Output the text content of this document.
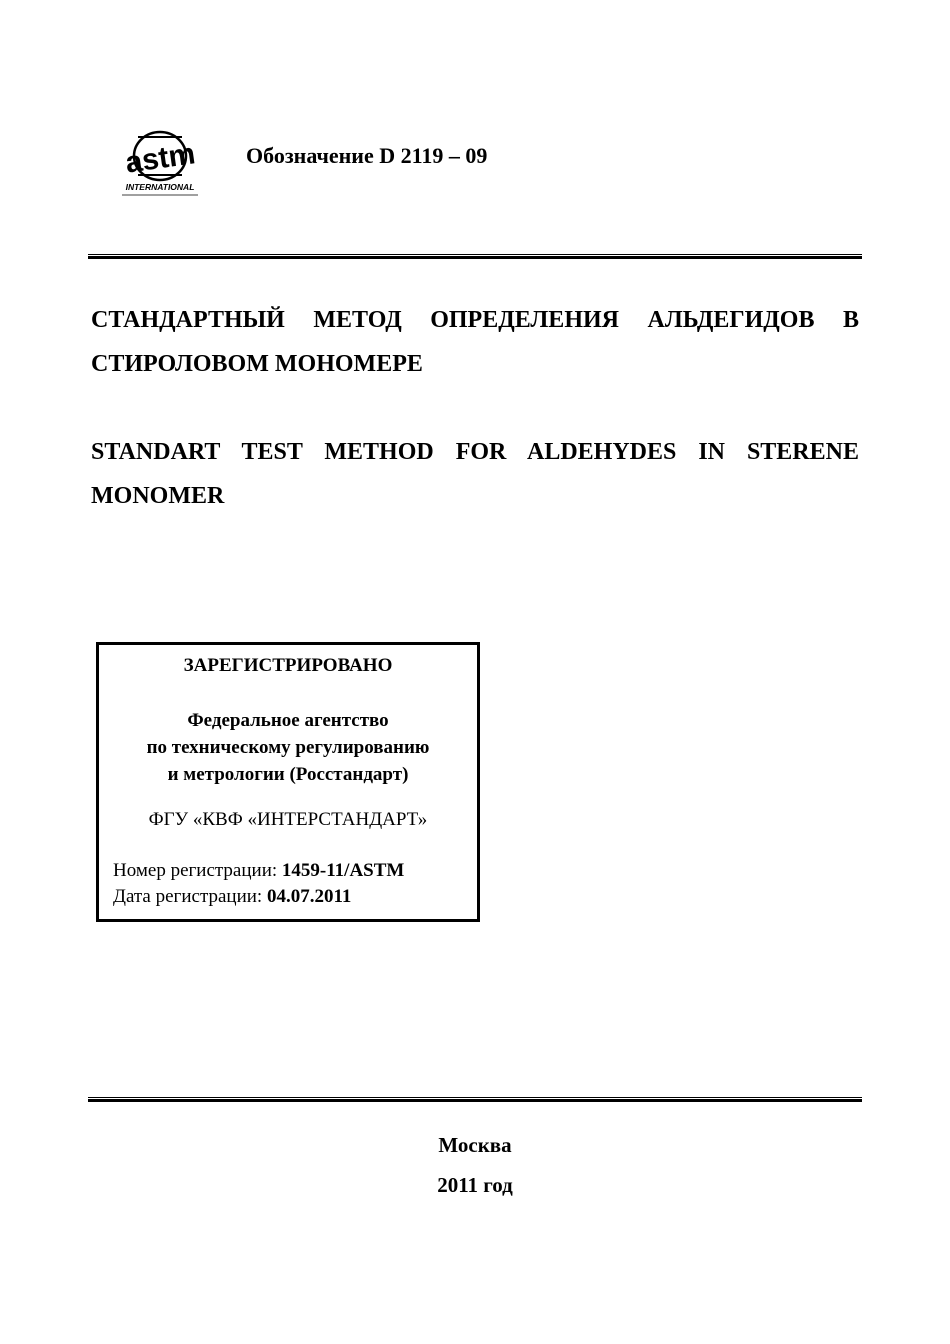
astm
INTERNATIONAL
Обозначение D 2119 – 09
СТАНДАРТНЫЙ МЕТОД ОПРЕДЕЛЕНИЯ АЛЬДЕГИДОВ В
СТИРОЛОВОМ МОНОМЕРЕ
STANDART TEST METHOD FOR ALDEHYDES IN STERENE
MONOMER
ЗАРЕГИСТРИРОВАНО
Федеральное агентство
по техническому регулированию
и метрологии (Росстандарт)
ФГУ «КВФ «ИНТЕРСТАНДАРТ»
Номер регистрации: 1459-11/ASTM
Дата регистрации: 04.07.2011
Москва
2011 год
